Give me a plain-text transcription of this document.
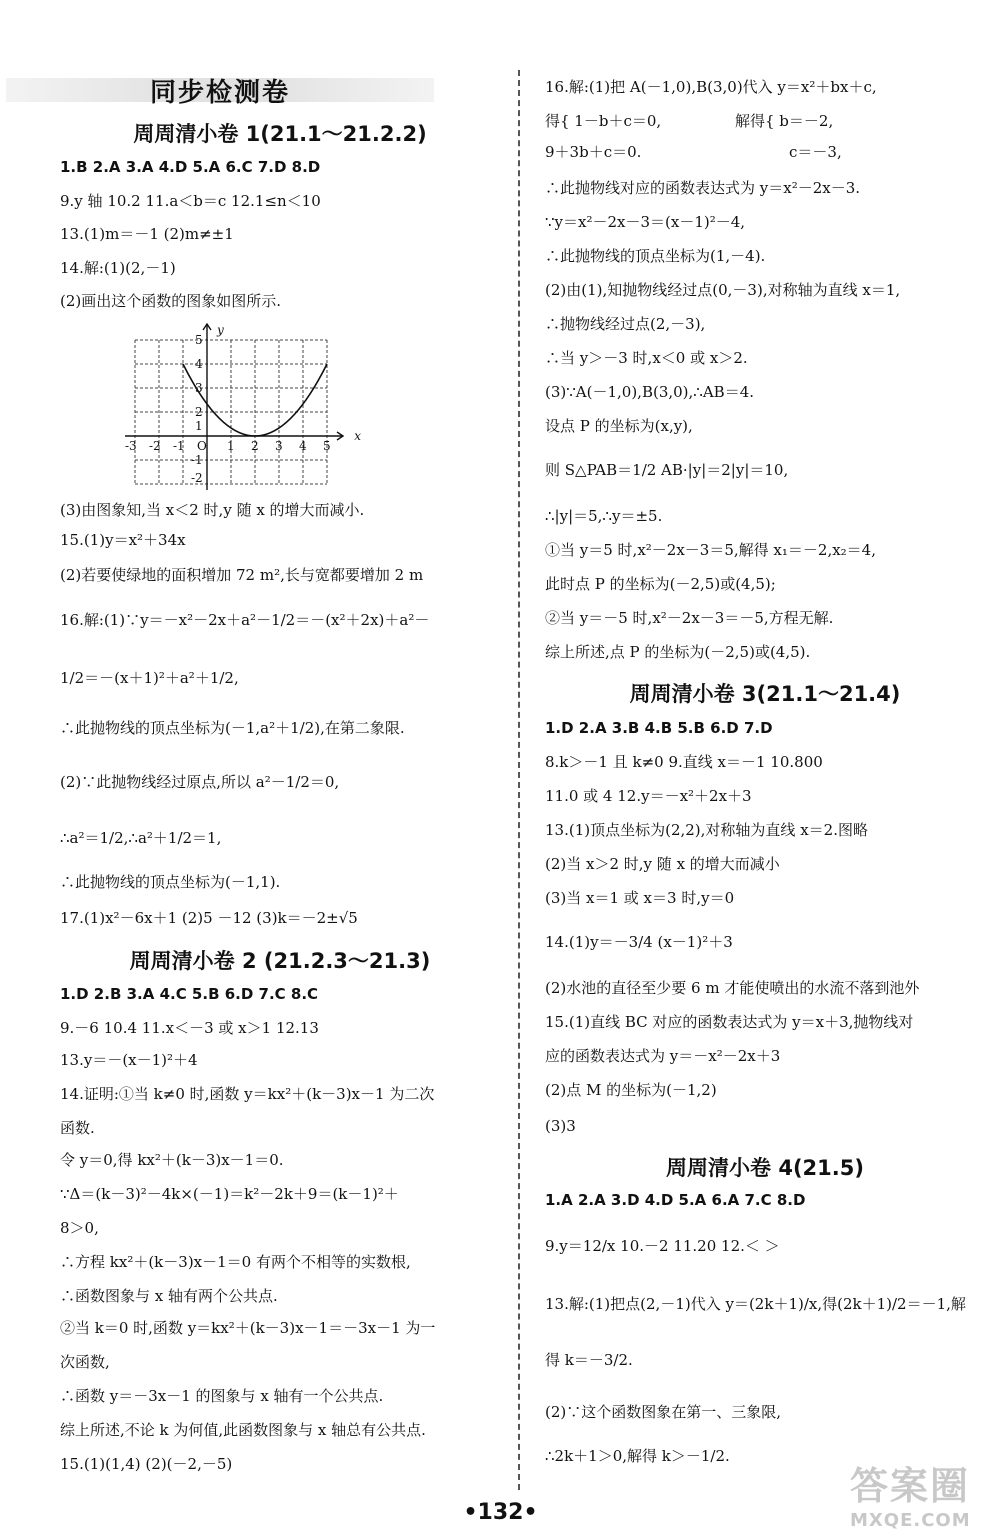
同步检测卷
周周清小卷 1(21.1～21.2.2)
1.B 2.A 3.A 4.D 5.A 6.C 7.D 8.D
9.y 轴 10.2 11.a＜b＝c 12.1≤n＜10
13.(1)m＝－1 (2)m≠±1
14.解:(1)(2,－1)
(2)画出这个函数的图象如图所示.
(3)由图象知,当 x＜2 时,y 随 x 的增大而减小.
15.(1)y＝x²＋34x
(2)若要使绿地的面积增加 72 m²,长与宽都要增加 2 m
16.解:(1)∵y＝－x²－2x＋a²－1/2＝－(x²＋2x)＋a²－
1/2＝－(x＋1)²＋a²＋1/2,
∴此抛物线的顶点坐标为(－1,a²＋1/2),在第二象限.
(2)∵此抛物线经过原点,所以 a²－1/2＝0,
∴a²＝1/2,∴a²＋1/2＝1,
∴此抛物线的顶点坐标为(－1,1).
17.(1)x²－6x＋1 (2)5 －12 (3)k＝－2±√5
周周清小卷 2 (21.2.3～21.3)
1.D 2.B 3.A 4.C 5.B 6.D 7.C 8.C
9.－6 10.4 11.x＜－3 或 x＞1 12.13
13.y＝－(x－1)²＋4
14.证明:①当 k≠0 时,函数 y＝kx²＋(k－3)x－1 为二次
函数.
令 y＝0,得 kx²＋(k－3)x－1＝0.
∵Δ＝(k－3)²－4k×(－1)＝k²－2k＋9＝(k－1)²＋
8＞0,
∴方程 kx²＋(k－3)x－1＝0 有两个不相等的实数根,
∴函数图象与 x 轴有两个公共点.
②当 k＝0 时,函数 y＝kx²＋(k－3)x－1＝－3x－1 为一
次函数,
∴函数 y＝－3x－1 的图象与 x 轴有一个公共点.
综上所述,不论 k 为何值,此函数图象与 x 轴总有公共点.
15.(1)(1,4) (2)(－2,－5)
y
x
O
-3 -2 -1	1 2 3 4 5
5
4
3
2
1
-1
-2
16.解:(1)把 A(－1,0),B(3,0)代入 y＝x²＋bx＋c,
得{ 1－b＋c＝0,	解得{ b＝－2,
9＋3b＋c＝0.	c＝－3,
∴此抛物线对应的函数表达式为 y＝x²－2x－3.
∵y＝x²－2x－3＝(x－1)²－4,
∴此抛物线的顶点坐标为(1,－4).
(2)由(1),知抛物线经过点(0,－3),对称轴为直线 x＝1,
∴抛物线经过点(2,－3),
∴当 y＞－3 时,x＜0 或 x＞2.
(3)∵A(－1,0),B(3,0),∴AB＝4.
设点 P 的坐标为(x,y),
则 S△PAB＝1/2 AB·|y|＝2|y|＝10,
∴|y|＝5,∴y＝±5.
①当 y＝5 时,x²－2x－3＝5,解得 x₁＝－2,x₂＝4,
此时点 P 的坐标为(－2,5)或(4,5);
②当 y＝－5 时,x²－2x－3＝－5,方程无解.
综上所述,点 P 的坐标为(－2,5)或(4,5).
周周清小卷 3(21.1～21.4)
1.D 2.A 3.B 4.B 5.B 6.D 7.D
8.k＞－1 且 k≠0 9.直线 x＝－1 10.800
11.0 或 4 12.y＝－x²＋2x＋3
13.(1)顶点坐标为(2,2),对称轴为直线 x＝2.图略
(2)当 x＞2 时,y 随 x 的增大而减小
(3)当 x＝1 或 x＝3 时,y＝0
14.(1)y＝－3/4 (x－1)²＋3
(2)水池的直径至少要 6 m 才能使喷出的水流不落到池外
15.(1)直线 BC 对应的函数表达式为 y＝x＋3,抛物线对
应的函数表达式为 y＝－x²－2x＋3
(2)点 M 的坐标为(－1,2)
(3)3
周周清小卷 4(21.5)
1.A 2.A 3.D 4.D 5.A 6.A 7.C 8.D
9.y＝12/x 10.－2 11.20 12.＜ ＞
13.解:(1)把点(2,－1)代入 y＝(2k＋1)/x,得(2k＋1)/2＝－1,解
得 k＝－3/2.
(2)∵这个函数图象在第一、三象限,
∴2k＋1＞0,解得 k＞－1/2.
•132•
答案圈
MXQE.COM
